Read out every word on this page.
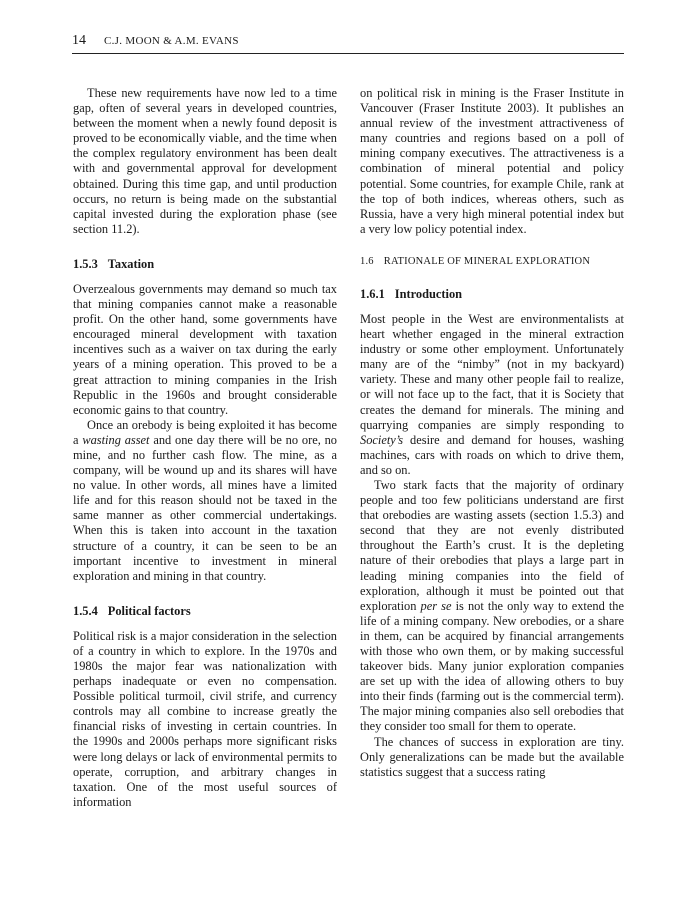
14 C.J. MOON & A.M. EVANS

These new requirements have now led to a time gap, often of several years in developed countries, between the moment when a newly found deposit is proved to be economically viable, and the time when the complex regulatory environment has been dealt with and governmental approval for development obtained. During this time gap, and until production occurs, no return is being made on the substantial capital invested during the exploration phase (see section 11.2).

1.5.3 Taxation

Overzealous governments may demand so much tax that mining companies cannot make a reasonable profit. On the other hand, some governments have encouraged mineral development with taxation incentives such as a waiver on tax during the early years of a mining operation. This proved to be a great attraction to mining companies in the Irish Republic in the 1960s and brought considerable economic gains to that country.

Once an orebody is being exploited it has become a wasting asset and one day there will be no ore, no mine, and no further cash flow. The mine, as a company, will be wound up and its shares will have no value. In other words, all mines have a limited life and for this reason should not be taxed in the same manner as other commercial undertakings. When this is taken into account in the taxation structure of a country, it can be seen to be an important incentive to investment in mineral exploration and mining in that country.

1.5.4 Political factors

Political risk is a major consideration in the selection of a country in which to explore. In the 1970s and 1980s the major fear was nationalization with perhaps inadequate or even no compensation. Possible political turmoil, civil strife, and currency controls may all combine to increase greatly the financial risks of investing in certain countries. In the 1990s and 2000s perhaps more significant risks were long delays or lack of environmental permits to operate, corruption, and arbitrary changes in taxation. One of the most useful sources of information

on political risk in mining is the Fraser Institute in Vancouver (Fraser Institute 2003). It publishes an annual review of the investment attractiveness of many countries and regions based on a poll of mining company executives. The attractiveness is a combination of mineral potential and policy potential. Some countries, for example Chile, rank at the top of both indices, whereas others, such as Russia, have a very high mineral potential index but a very low policy potential index.

1.6 RATIONALE OF MINERAL EXPLORATION
1.6.1 Introduction

Most people in the West are environmentalists at heart whether engaged in the mineral extraction industry or some other employment. Unfortunately many are of the “nimby” (not in my backyard) variety. These and many other people fail to realize, or will not face up to the fact, that it is Society that creates the demand for minerals. The mining and quarrying companies are simply responding to Society’s desire and demand for houses, washing machines, cars with roads on which to drive them, and so on.

Two stark facts that the majority of ordinary people and too few politicians understand are first that orebodies are wasting assets (section 1.5.3) and second that they are not evenly distributed throughout the Earth’s crust. It is the depleting nature of their orebodies that plays a large part in leading mining companies into the field of exploration, although it must be pointed out that exploration per se is not the only way to extend the life of a mining company. New orebodies, or a share in them, can be acquired by financial arrangements with those who own them, or by making successful takeover bids. Many junior exploration companies are set up with the idea of allowing others to buy into their finds (farming out is the commercial term). The major mining companies also sell orebodies that they consider too small for them to operate.

The chances of success in exploration are tiny. Only generalizations can be made but the available statistics suggest that a success rating
